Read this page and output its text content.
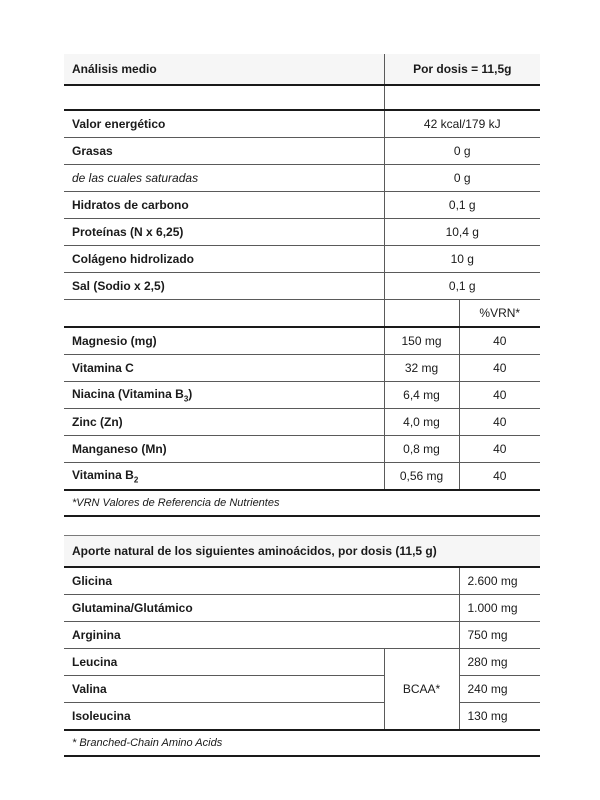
Análisis medio	Por dosis = 11,5g	

Valor energético	42 kcal/179 kJ	
Grasas	0 g	
de las cuales saturadas	0 g	
Hidratos de carbono	0,1 g	
Proteínas (N x 6,25)	10,4 g	
Colágeno hidrolizado	10 g	
Sal (Sodio x 2,5)	0,1 g	
		%VRN*
Magnesio (mg)	150 mg	40
Vitamina C	32 mg	40
Niacina (Vitamina $B_3$)	6,4 mg	40
Zinc (Zn)	4,0 mg	40
Manganeso (Mn)	0,8 mg	40
Vitamina $B_2$	0,56 mg	40
*VRN Valores de Referencia de Nutrientes		
Aporte natural de los siguientes aminoácidos, por dosis (11,5 g)		
Glicina		2.600 mg
Glutamina/Glutámico		1.000 mg
Arginina		750 mg
Leucina	BCAA*	280 mg
Valina		240 mg
Isoleucina		130 mg
* Branched-Chain Amino Acids		
